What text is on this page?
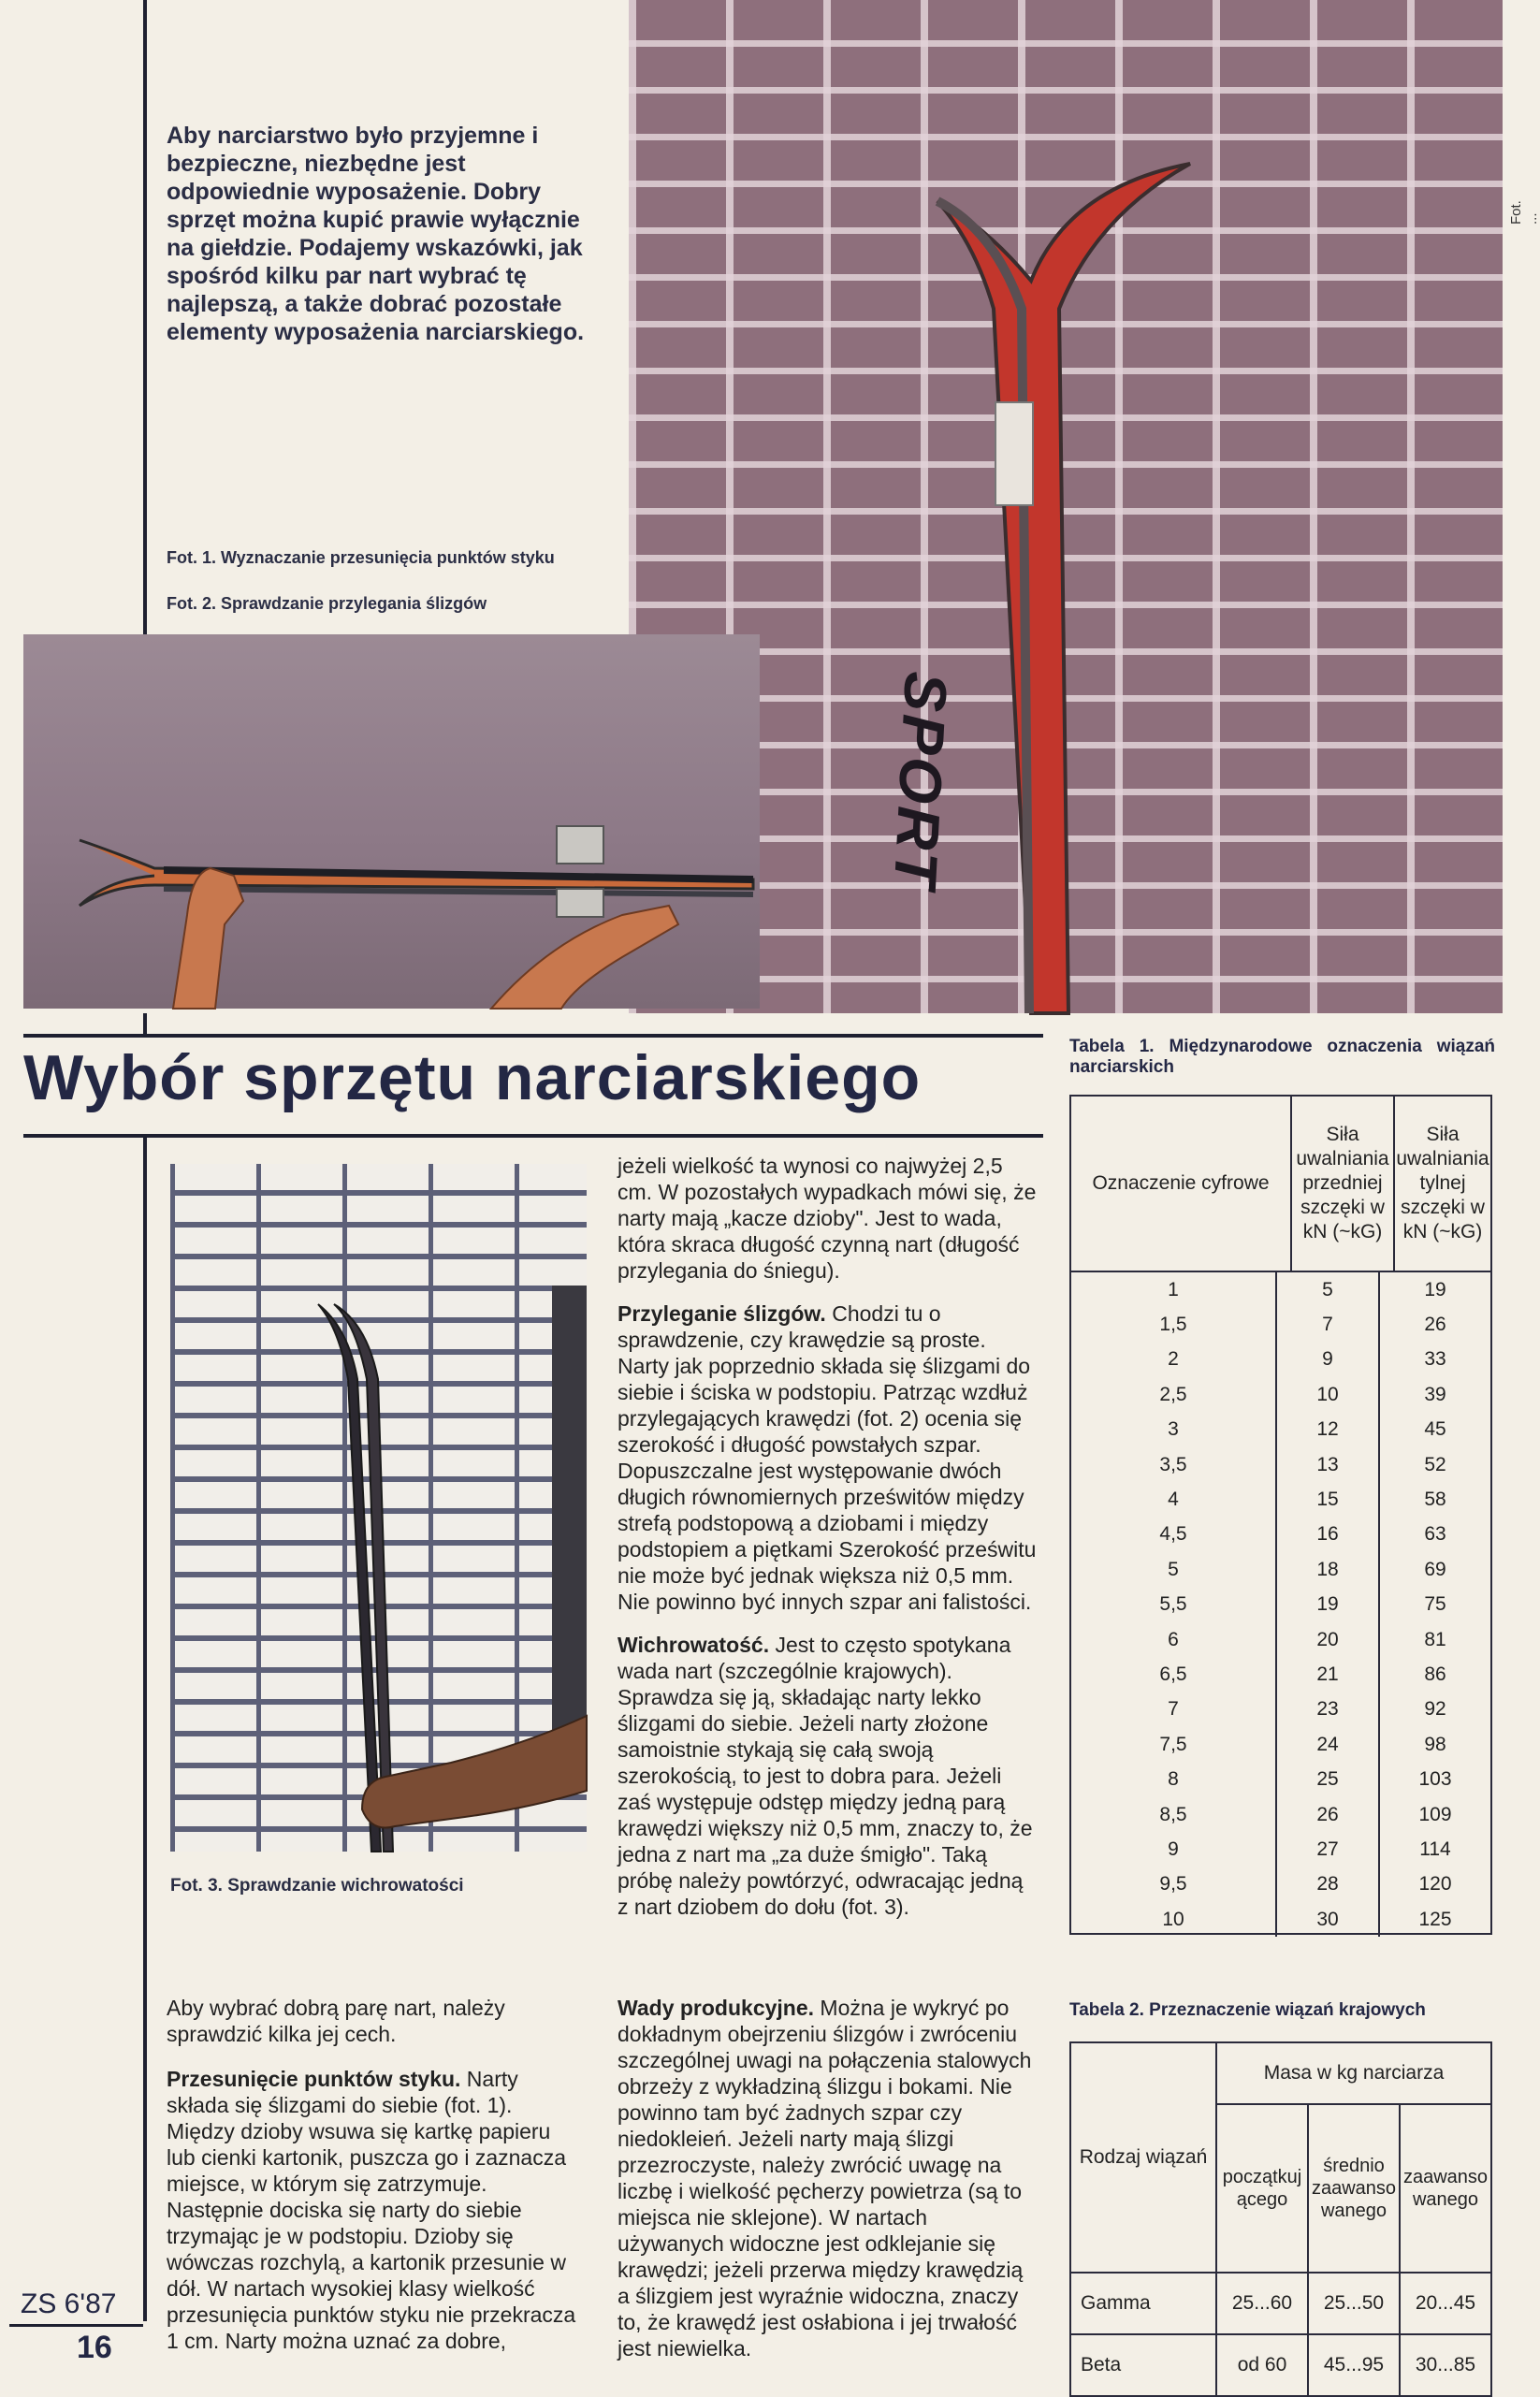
SPORT
Fot. ...
Aby narciarstwo było przyjemne i bezpieczne, niezbędne jest odpowiednie wyposażenie. Dobry sprzęt można kupić prawie wyłącznie na giełdzie. Podajemy wskazówki, jak spośród kilku par nart wybrać tę najlepszą, a także dobrać pozostałe elementy wyposażenia narciarskiego.
Fot. 1. Wyznaczanie przesunięcia punktów styku
Fot. 2. Sprawdzanie przylegania ślizgów
Wybór sprzętu narciarskiego
Fot. 3. Sprawdzanie wichrowatości

Aby wybrać dobrą parę nart, należy sprawdzić kilka jej cech.

Przesunięcie punktów styku. Narty składa się ślizgami do siebie (fot. 1). Między dzioby wsuwa się kartkę papieru lub cienki kartonik, puszcza go i zaznacza miejsce, w którym się zatrzymuje. Następnie dociska się narty do siebie trzymając je w podstopiu. Dzioby się wówczas rozchylą, a kartonik przesunie w dół. W nartach wysokiej klasy wielkość przesunięcia punktów styku nie przekracza 1 cm. Narty można uznać za dobre,

jeżeli wielkość ta wynosi co najwyżej 2,5 cm. W pozostałych wypadkach mówi się, że narty mają „kacze dzioby". Jest to wada, która skraca długość czynną nart (długość przylegania do śniegu).

Przyleganie ślizgów. Chodzi tu o sprawdzenie, czy krawędzie są proste. Narty jak poprzednio składa się ślizgami do siebie i ściska w podstopiu. Patrząc wzdłuż przylegających krawędzi (fot. 2) ocenia się szerokość i długość powstałych szpar. Dopuszczalne jest występowanie dwóch długich równomiernych prześwitów między strefą podstopową a dziobami i między podstopiem a piętkami Szerokość prześwitu nie może być jednak większa niż 0,5 mm. Nie powinno być innych szpar ani falistości.

Wichrowatość. Jest to często spotykana wada nart (szczególnie krajowych). Sprawdza się ją, składając narty lekko ślizgami do siebie. Jeżeli narty złożone samoistnie stykają się całą swoją szerokością, to jest to dobra para. Jeżeli zaś występuje odstęp między jedną parą krawędzi większy niż 0,5 mm, znaczy to, że jedna z nart ma „za duże śmigło". Taką próbę należy powtórzyć, odwracając jedną z nart dziobem do dołu (fot. 3).

Wady produkcyjne. Można je wykryć po dokładnym obejrzeniu ślizgów i zwróceniu szczególnej uwagi na połączenia stalowych obrzeży z wykładziną ślizgu i bokami. Nie powinno tam być żadnych szpar czy niedokleień. Jeżeli narty mają ślizgi przezroczyste, należy zwrócić uwagę na liczbę i wielkość pęcherzy powietrza (są to miejsca nie sklejone). W nartach używanych widoczne jest odklejanie się krawędzi; jeżeli przerwa między krawędzią a ślizgiem jest wyraźnie widoczna, znaczy to, że krawędź jest osłabiona i jej trwałość jest niewielka.

Tabela 1. Międzynarodowe oznaczenia wiązań narciarskich
Oznaczenie cyfrowe	Siła uwalniania przedniej szczęki w kN (~kG)	Siła uwalniania tylnej szczęki w kN (~kG)
1	5	19
1,5	7	26
2	9	33
2,5	10	39
3	12	45
3,5	13	52
4	15	58
4,5	16	63
5	18	69
5,5	19	75
6	20	81
6,5	21	86
7	23	92
7,5	24	98
8	25	103
8,5	26	109
9	27	114
9,5	28	120
10	30	125
Tabela 2. Przeznaczenie wiązań krajowych
Rodzaj wiązań	Masa w kg narciarza		
	początkującego	średnio zaawansowanego	zaawansowanego
Gamma	25...60	25...50	20...45
Beta	od 60	45...95	30...85
ZS 6'87
16
